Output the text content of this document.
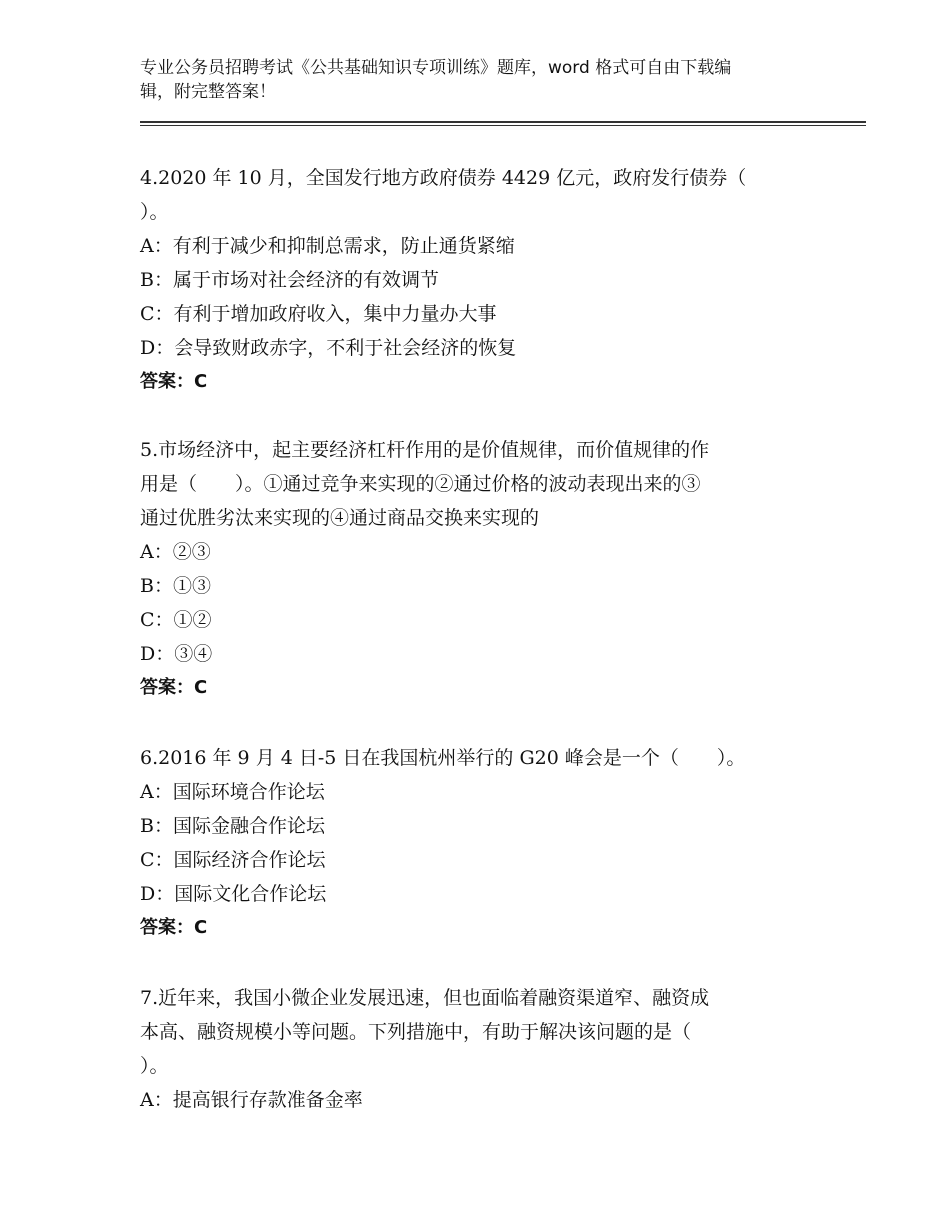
专业公务员招聘考试《公共基础知识专项训练》题库，word 格式可自由下载编
辑，附完整答案！
4.2020 年 10 月，全国发行地方政府债券 4429 亿元，政府发行债券（
）。
A：有利于减少和抑制总需求，防止通货紧缩
B：属于市场对社会经济的有效调节
C：有利于增加政府收入，集中力量办大事
D：会导致财政赤字，不利于社会经济的恢复
答案：C
5.市场经济中，起主要经济杠杆作用的是价值规律，而价值规律的作
用是（　　）。①通过竞争来实现的②通过价格的波动表现出来的③
通过优胜劣汰来实现的④通过商品交换来实现的
A：②③
B：①③
C：①②
D：③④
答案：C
6.2016 年 9 月 4 日-5 日在我国杭州举行的 G20 峰会是一个（　　）。
A：国际环境合作论坛
B：国际金融合作论坛
C：国际经济合作论坛
D：国际文化合作论坛
答案：C
7.近年来，我国小微企业发展迅速，但也面临着融资渠道窄、融资成
本高、融资规模小等问题。下列措施中，有助于解决该问题的是（
）。
A：提高银行存款准备金率
